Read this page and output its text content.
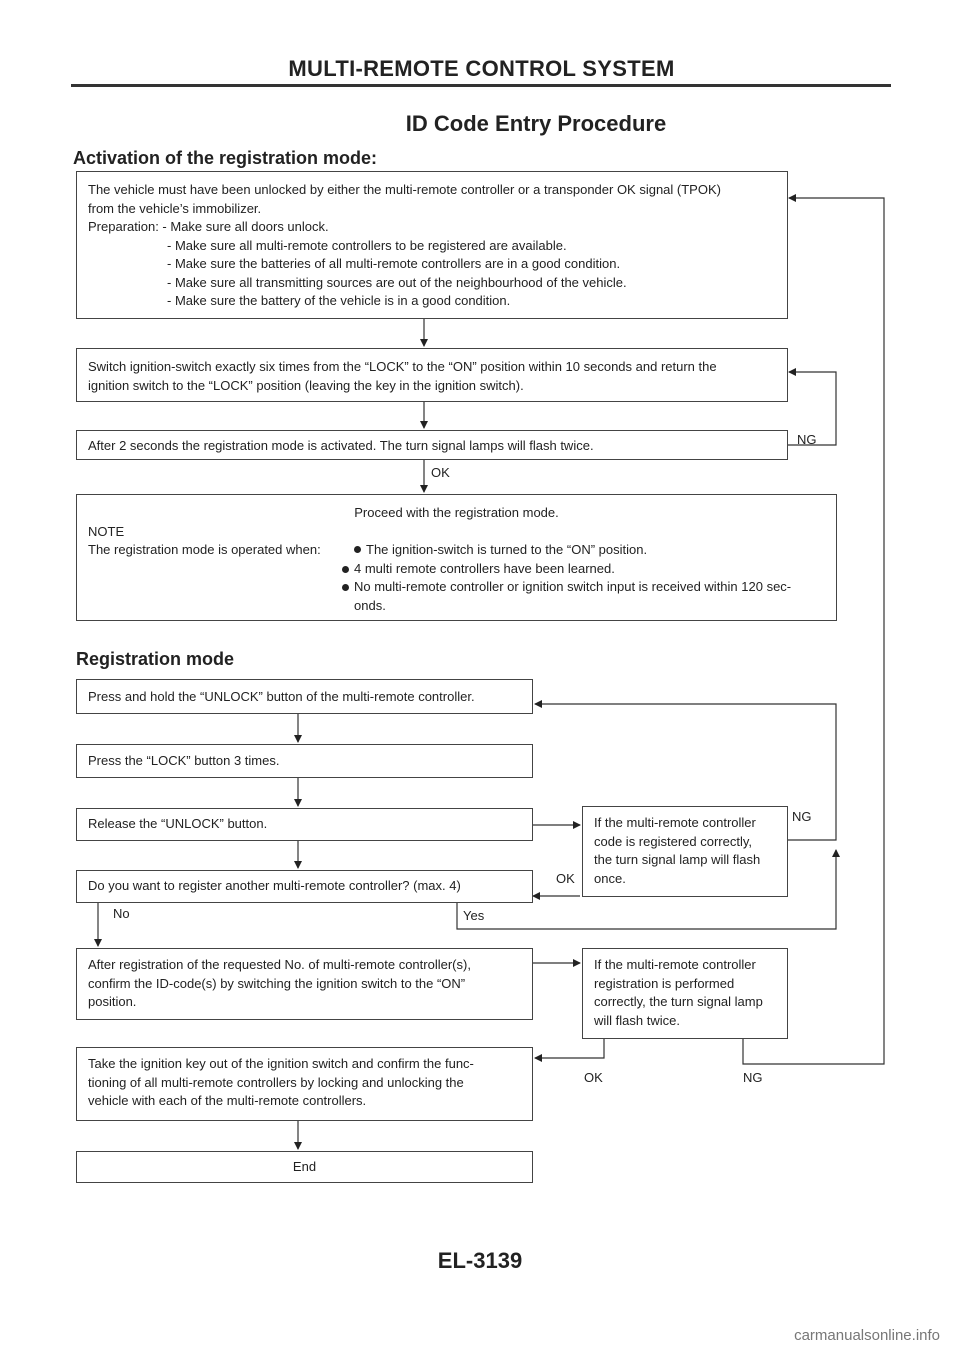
MULTI-REMOTE CONTROL SYSTEM
ID Code Entry Procedure
Activation of the registration mode:

The vehicle must have been unlocked by either the multi-remote controller or a transponder OK signal (TPOK)

from the vehicle’s immobilizer.

Preparation: - Make sure all doors unlock.

- Make sure all multi-remote controllers to be registered are available.

- Make sure the batteries of all multi-remote controllers are in a good condition.

- Make sure all transmitting sources are out of the neighbourhood of the vehicle.

- Make sure the battery of the vehicle is in a good condition.

Switch ignition-switch exactly six times from the “LOCK” to the “ON” position within 10 seconds and return the

ignition switch to the “LOCK” position (leaving the key in the ignition switch).

After 2 seconds the registration mode is activated. The turn signal lamps will flash twice.	NG
OK

Proceed with the registration mode.

NOTE

The registration mode is operated when:	The ignition-switch is turned to the “ON” position.

4 multi remote controllers have been learned.

No multi-remote controller or ignition switch input is received within 120 sec-

onds.

Registration mode

Press and hold the “UNLOCK” button of the multi-remote controller.

Press the “LOCK” button 3 times.

Release the “UNLOCK” button.	If the multi-remote controller

code is registered correctly,

the turn signal lamp will flash

once.

NG
OK

Do you want to register another multi-remote controller? (max. 4)

No	Yes

After registration of the requested No. of multi-remote controller(s),

confirm the ID-code(s) by switching the ignition switch to the “ON”

position.

If the multi-remote controller

registration is performed

correctly, the turn signal lamp

will flash twice.

Take the ignition key out of the ignition switch and confirm the func-

tioning of all multi-remote controllers by locking and unlocking the

vehicle with each of the multi-remote controllers.

OK	NG

End

EL-3139
carmanualsonline.info
